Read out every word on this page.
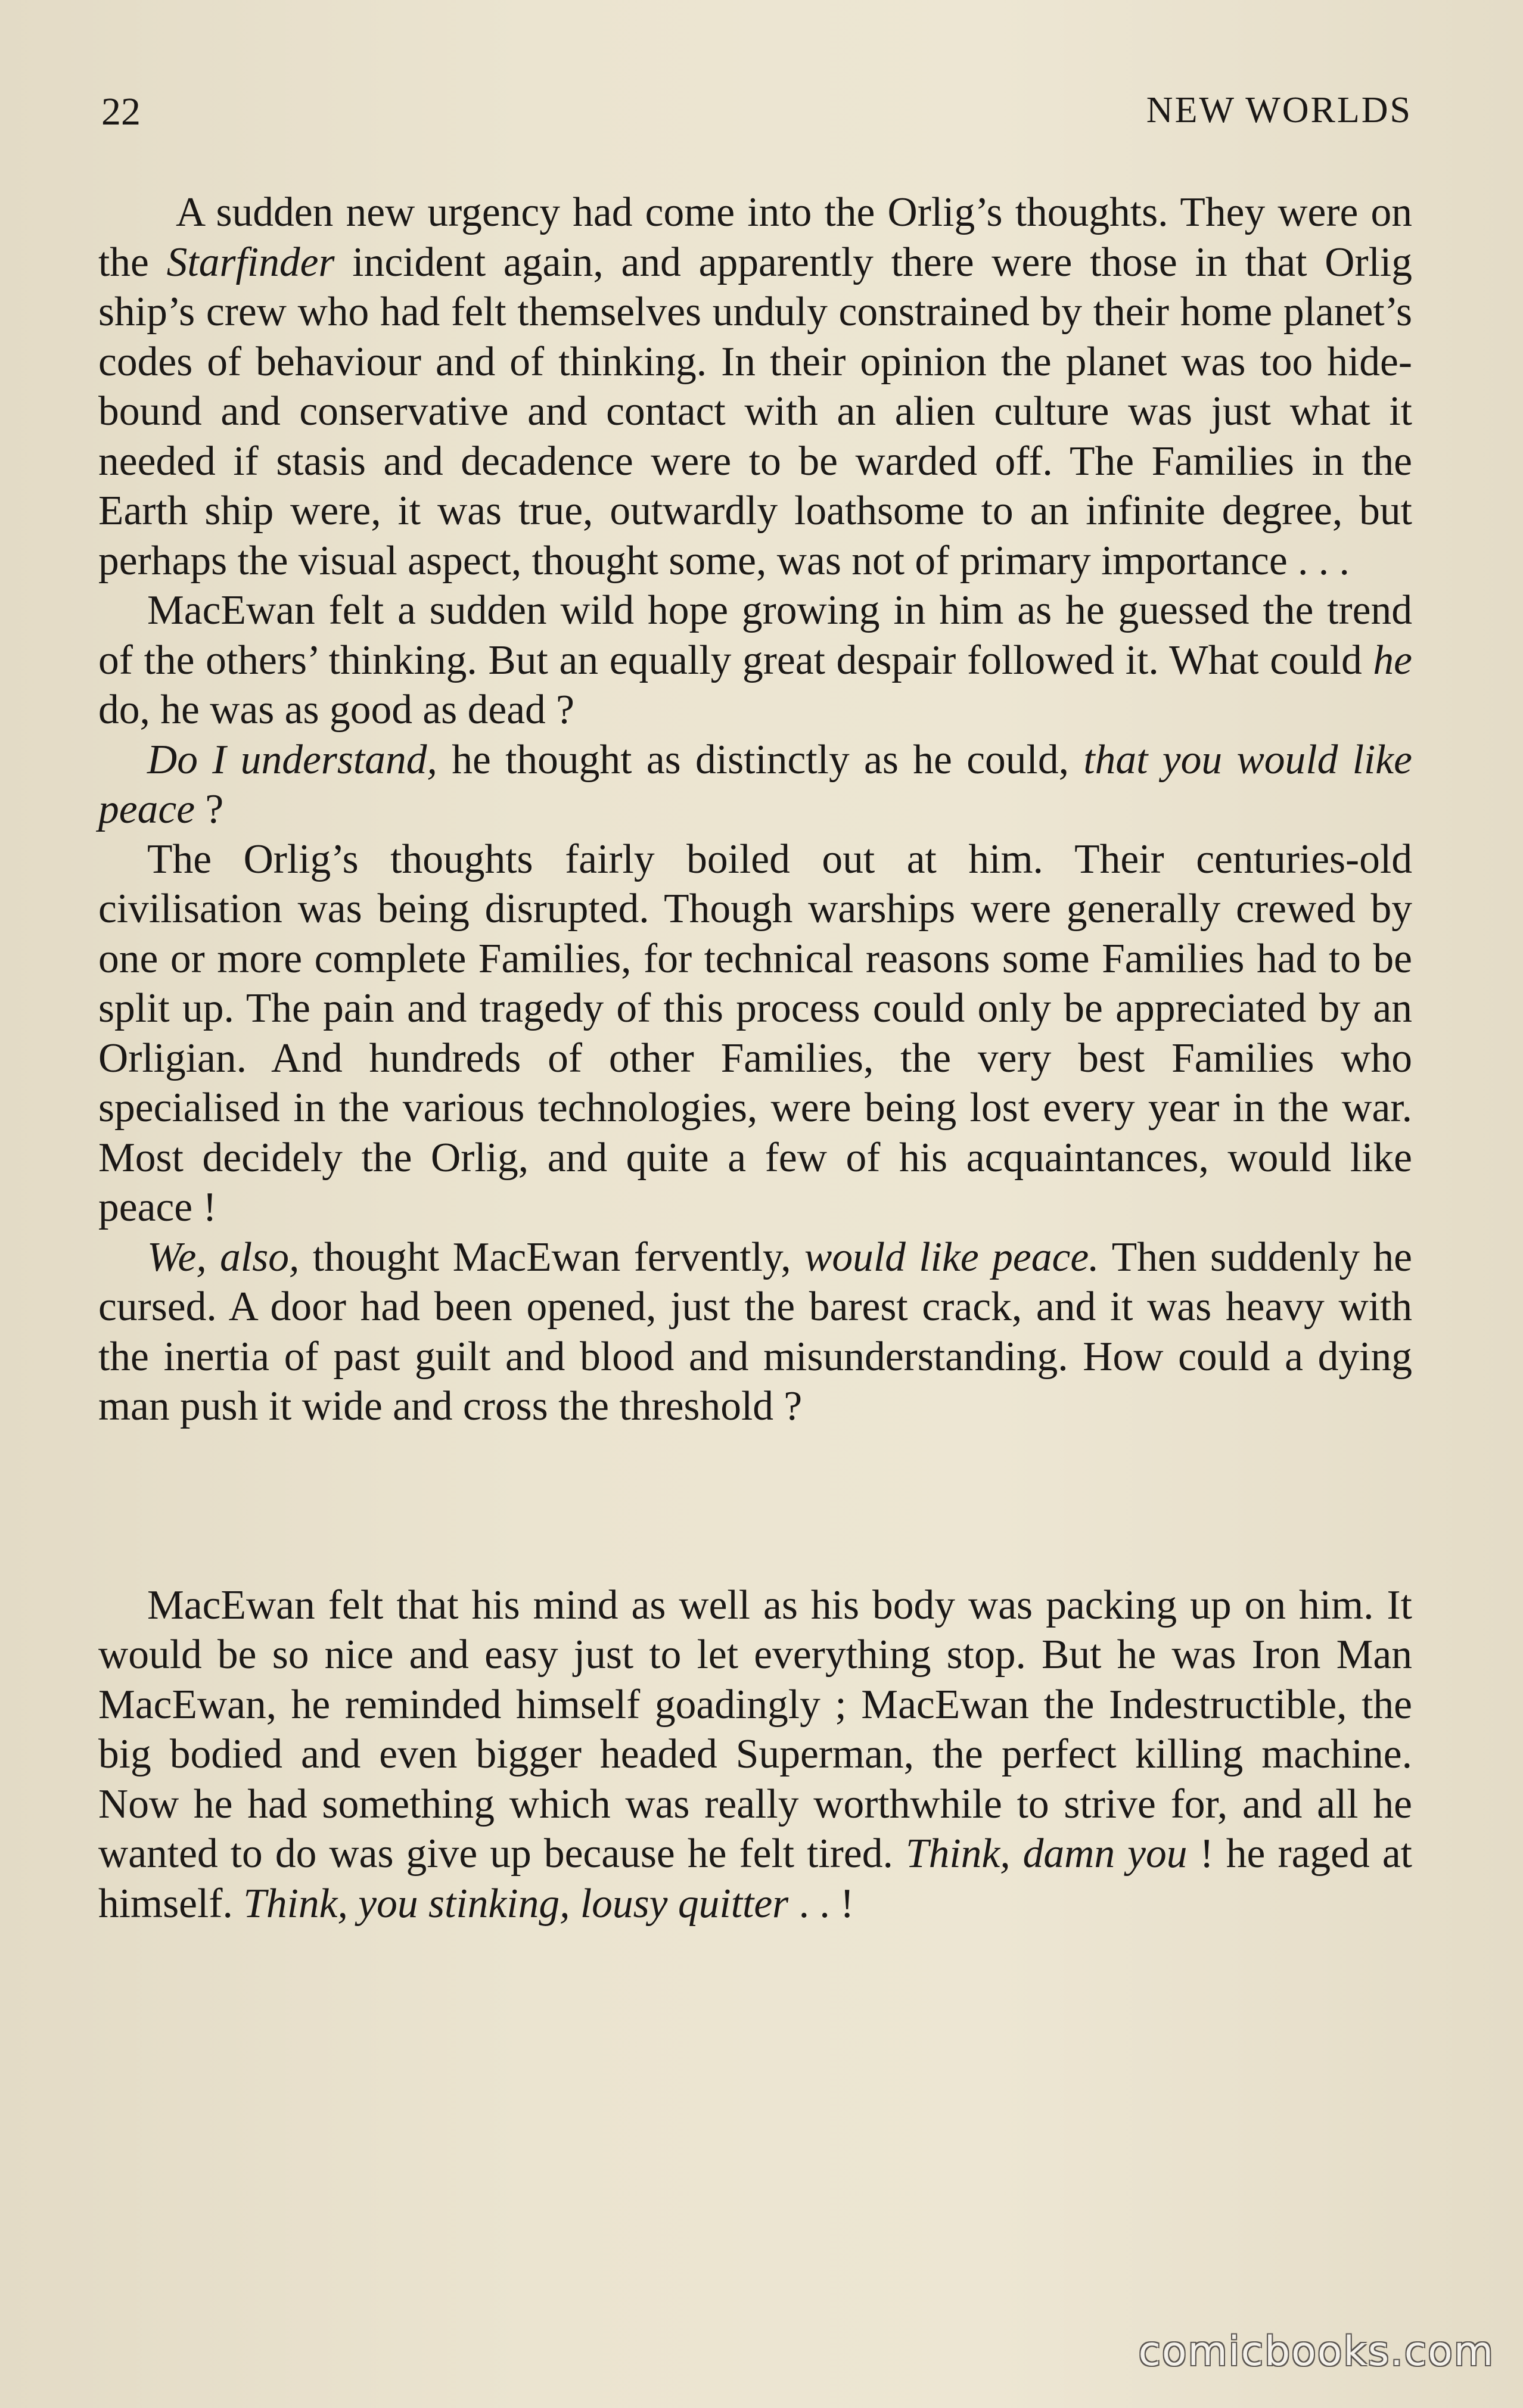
22	NEW WORLDS

A sudden new urgency had come into the Orlig’s thoughts. They were on the Starfinder incident again, and apparently there were those in that Orlig ship’s crew who had felt themselves unduly constrained by their home planet’s codes of behaviour and of thinking. In their opinion the planet was too hide-bound and conservative and contact with an alien culture was just what it needed if stasis and decadence were to be warded off. The Families in the Earth ship were, it was true, outwardly loathsome to an infinite degree, but perhaps the visual aspect, thought some, was not of primary importance . . .

MacEwan felt a sudden wild hope growing in him as he guessed the trend of the others’ thinking. But an equally great despair followed it. What could he do, he was as good as dead ?

Do I understand, he thought as distinctly as he could, that you would like peace ?

The Orlig’s thoughts fairly boiled out at him. Their centuries-old civilisation was being disrupted. Though warships were generally crewed by one or more complete Families, for technical reasons some Families had to be split up. The pain and tragedy of this process could only be appreciated by an Orligian. And hundreds of other Families, the very best Families who specialised in the various technologies, were being lost every year in the war. Most decidely the Orlig, and quite a few of his acquaintances, would like peace !

We, also, thought MacEwan fervently, would like peace. Then suddenly he cursed. A door had been opened, just the barest crack, and it was heavy with the inertia of past guilt and blood and misunderstanding. How could a dying man push it wide and cross the threshold ?

MacEwan felt that his mind as well as his body was packing up on him. It would be so nice and easy just to let everything stop. But he was Iron Man MacEwan, he reminded himself goadingly ; MacEwan the Indestructible, the big bodied and even bigger headed Superman, the perfect killing machine. Now he had something which was really worthwhile to strive for, and all he wanted to do was give up because he felt tired. Think, damn you ! he raged at himself. Think, you stinking, lousy quitter . . !

comicbooks.com
